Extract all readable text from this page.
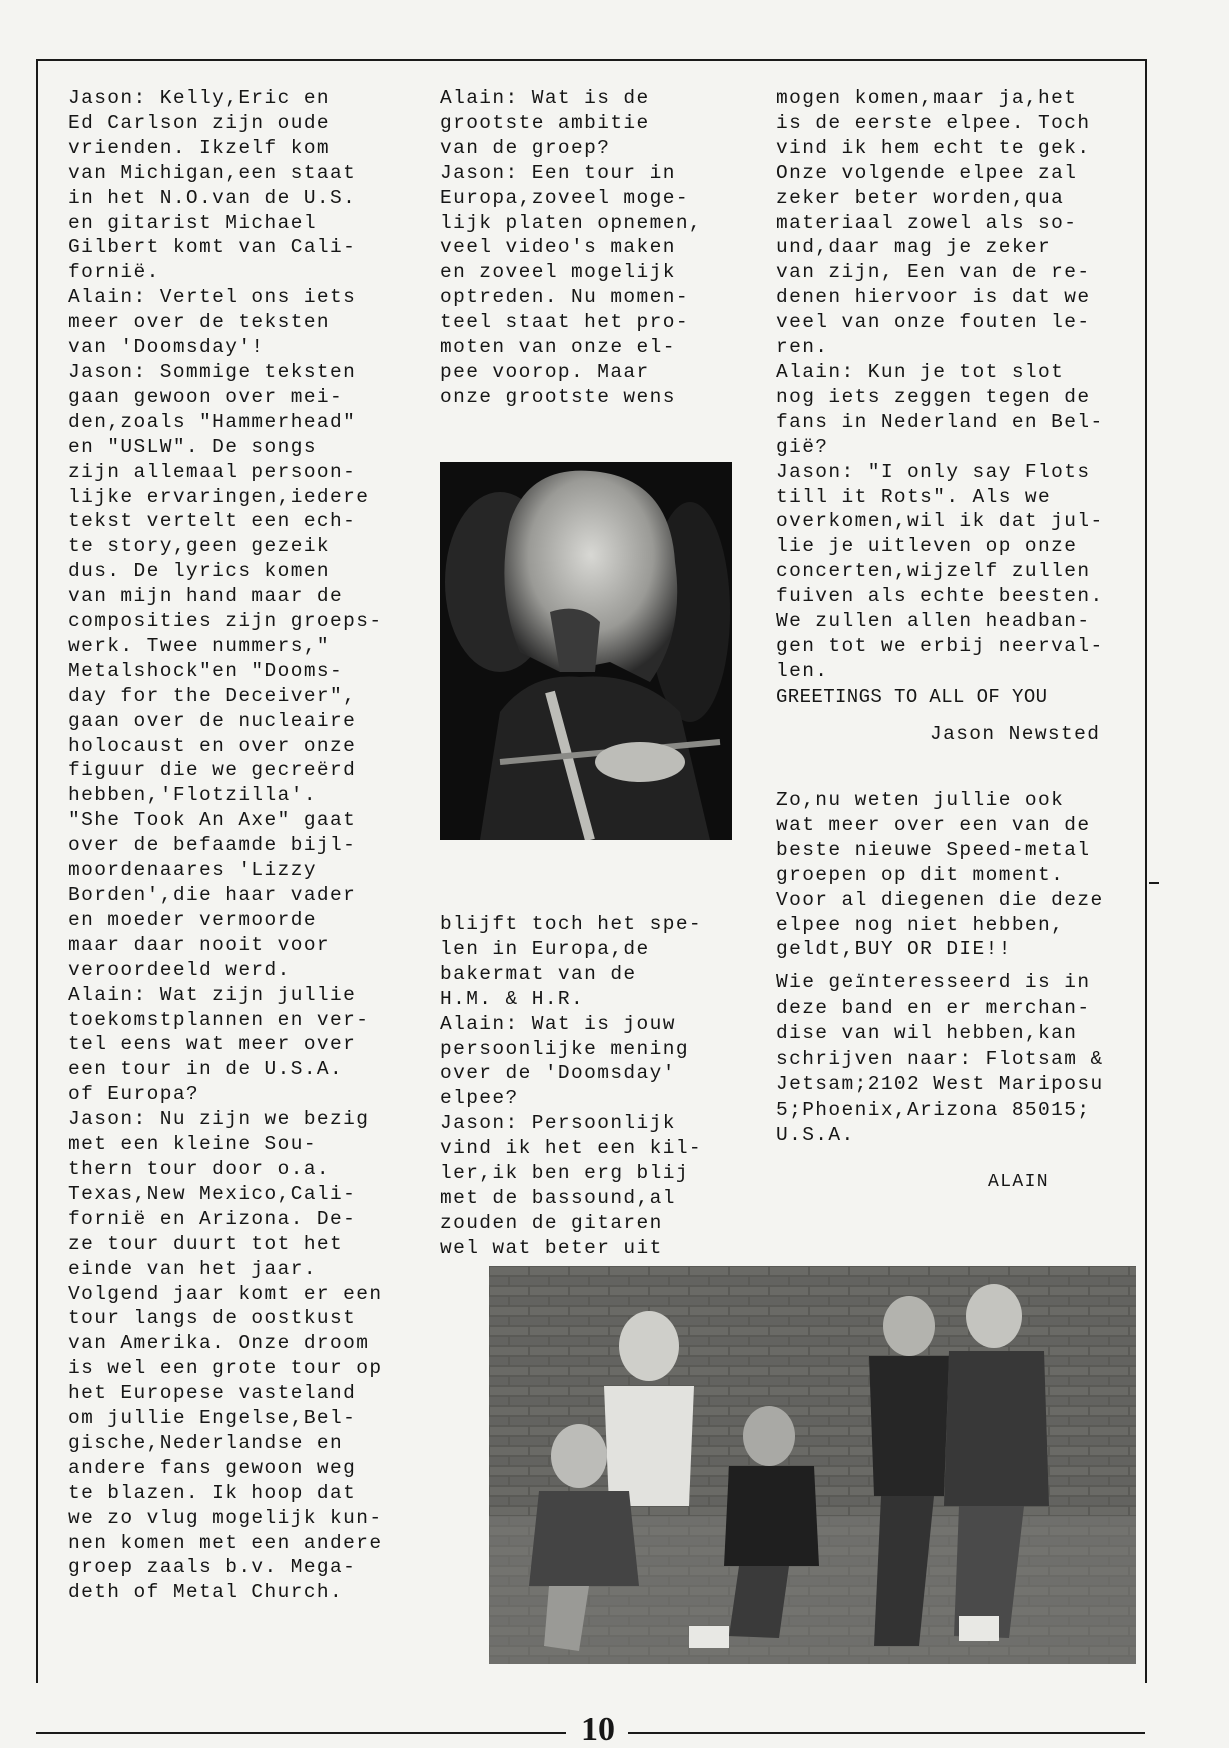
Jason: Kelly,Eric en
Ed Carlson zijn oude
vrienden. Ikzelf kom
van Michigan,een staat
in het N.O.van de U.S.
en gitarist Michael
Gilbert komt van Cali-
fornië.
Alain: Vertel ons iets
meer over de teksten
van 'Doomsday'!
Jason: Sommige teksten
gaan gewoon over mei-
den,zoals "Hammerhead"
en "USLW". De songs
zijn allemaal persoon-
lijke ervaringen,iedere
tekst vertelt een ech-
te story,geen gezeik
dus. De lyrics komen
van mijn hand maar de
composities zijn groeps-
werk. Twee nummers,"
Metalshock"en "Dooms-
day for the Deceiver",
gaan over de nucleaire
holocaust en over onze
figuur die we gecreërd
hebben,'Flotzilla'.
"She Took An Axe" gaat
over de befaamde bijl-
moordenaares 'Lizzy
Borden',die haar vader
en moeder vermoorde
maar daar nooit voor
veroordeeld werd.
Alain: Wat zijn jullie
toekomstplannen en ver-
tel eens wat meer over
een tour in de U.S.A.
of Europa?
Jason: Nu zijn we bezig
met een kleine Sou-
thern tour door o.a.
Texas,New Mexico,Cali-
fornië en Arizona. De-
ze tour duurt tot het
einde van het jaar.
Volgend jaar komt er een
tour langs de oostkust
van Amerika. Onze droom
is wel een grote tour op
het Europese vasteland
om jullie Engelse,Bel-
gische,Nederlandse en
andere fans gewoon weg
te blazen. Ik hoop dat
we zo vlug mogelijk kun-
nen komen met een andere
groep zaals b.v. Mega-
deth of Metal Church.
Alain: Wat is de
grootste ambitie
van de groep?
Jason: Een tour in
Europa,zoveel moge-
lijk platen opnemen,
veel video's maken
en zoveel mogelijk
optreden. Nu momen-
teel staat het pro-
moten van onze el-
pee voorop. Maar
onze grootste wens
blijft toch het spe-
len in Europa,de
bakermat van de
H.M. & H.R.
Alain: Wat is jouw
persoonlijke mening
over de 'Doomsday'
elpee?
Jason: Persoonlijk
vind ik het een kil-
ler,ik ben erg blij
met de bassound,al
zouden de gitaren
wel wat beter uit
mogen komen,maar ja,het
is de eerste elpee. Toch
vind ik hem echt te gek.
Onze volgende elpee zal
zeker beter worden,qua
materiaal zowel als so-
und,daar mag je zeker
van zijn, Een van de re-
denen hiervoor is dat we
veel van onze fouten le-
ren.
Alain: Kun je tot slot
nog iets zeggen tegen de
fans in Nederland en Bel-
gië?
Jason: "I only say Flots
till it Rots". Als we
overkomen,wil ik dat jul-
lie je uitleven op onze
concerten,wijzelf zullen
fuiven als echte beesten.
We zullen allen headban-
gen tot we erbij neerval-
len.
GREETINGS TO ALL OF YOU
Jason Newsted
Zo,nu weten jullie ook
wat meer over een van de
beste nieuwe Speed-metal
groepen op dit moment.
Voor al diegenen die deze
elpee nog niet hebben,
geldt,BUY OR DIE!!
Wie geïnteresseerd is in
deze band en er merchan-
dise van wil hebben,kan
schrijven naar: Flotsam &
Jetsam;2102 West Mariposu
5;Phoenix,Arizona 85015;
U.S.A.
ALAIN
10
